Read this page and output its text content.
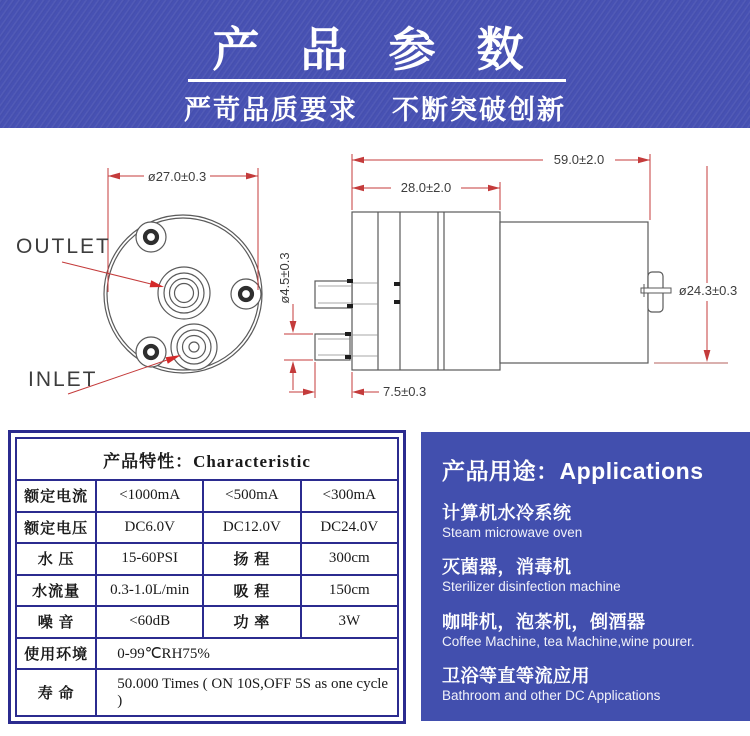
产 品 参 数
严苛品质要求 不断突破创新
ø27.0±0.3
OUTLET
INLET
59.0±2.0
28.0±2.0
ø4.5±0.3
7.5±0.3
ø24.3±0.3
产品特性：Characteristic			
额定电流	<1000mA	<500mA	<300mA
额定电压	DC6.0V	DC12.0V	DC24.0V
水 压	15-60PSI	扬 程	300cm
水流量	0.3-1.0L/min	吸 程	150cm
噪 音	<60dB	功 率	3W
使用环境	0-99℃RH75%		
寿 命	50.000 Times ( ON 10S,OFF 5S as one cycle )		
产品用途：Applications
计算机水冷系统
Steam microwave oven
灭菌器，消毒机
Sterilizer disinfection machine
咖啡机，泡茶机，倒酒器
Coffee Machine, tea Machine,wine pourer.
卫浴等直等流应用
Bathroom and other DC Applications
